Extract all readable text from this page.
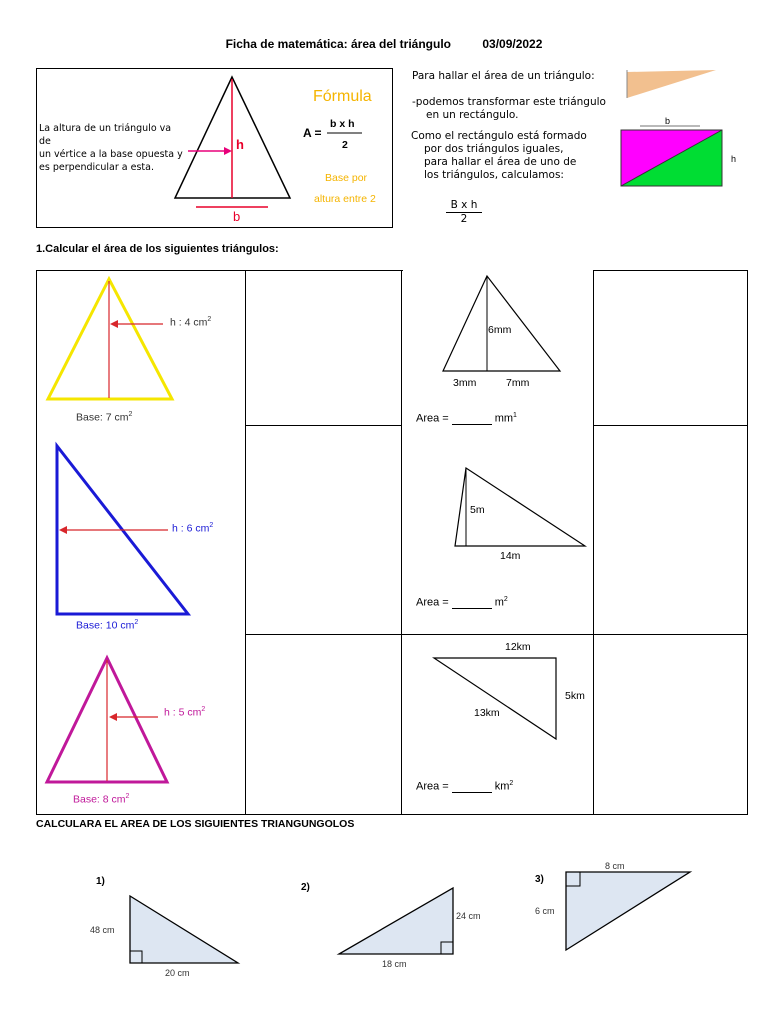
Ficha de matemática: área del triángulo	03/09/2022
La altura de un triángulo va de
un vértice a la base opuesta y
es perpendicular a esta.
h
b
Fórmula
A =
b x h
2
Base por
altura entre 2
Para hallar el área de un triángulo:
-podemos transformar este triángulo
en un rectángulo.
Como el rectángulo está formado
por dos triángulos iguales,
para hallar el área de uno de
los triángulos, calculamos:
$\frac{\text{B x h}}{2}$
b
h
1.Calcular el área de los siguientes triángulos:
h : 4 $cm^2$
Base: 7 $cm^2$
h : 6 $cm^2$
Base: 10 $cm^2$
h : 5 $cm^2$
Base: 8 $cm^2$
6mm
3mm	7mm
Area =	$mm^1$
5m
14m
Area =	$m^2$
12km
5km
13km
Area =	$km^2$
CALCULARA EL AREA DE LOS SIGUIENTES TRIANGUNGOLOS
1)
48 cm
20 cm
2)
24 cm
18 cm
3)
8 cm
6 cm
